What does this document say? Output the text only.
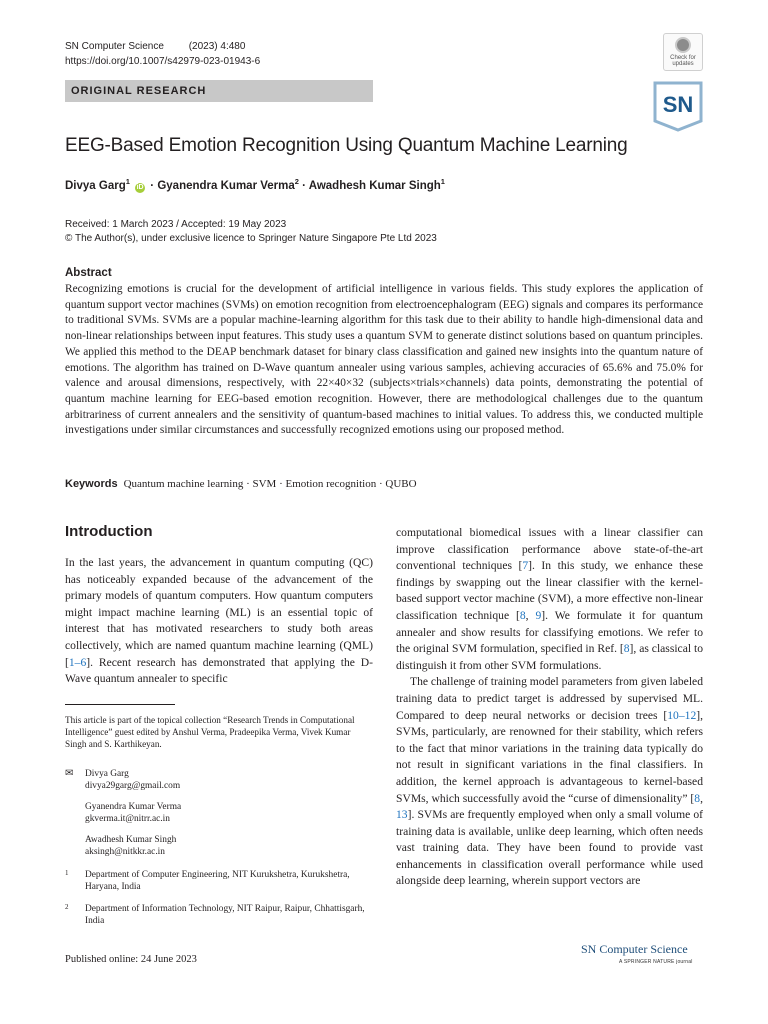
SN Computer Science (2023) 4:480
https://doi.org/10.1007/s42979-023-01943-6
ORIGINAL RESEARCH
Check for
updates
SN
EEG-Based Emotion Recognition Using Quantum Machine Learning
Divya Garg$^1$ iD · Gyanendra Kumar Verma$^2$ · Awadhesh Kumar Singh$^1$
Received: 1 March 2023 / Accepted: 19 May 2023
© The Author(s), under exclusive licence to Springer Nature Singapore Pte Ltd 2023
Abstract
Recognizing emotions is crucial for the development of artificial intelligence in various fields. This study explores the application of quantum support vector machines (SVMs) on emotion recognition from electroencephalogram (EEG) signals and compares its performance to traditional SVMs. SVMs are a popular machine-learning algorithm for this task due to their ability to handle high-dimensional data and non-linear relationships between input features. This study uses a quantum SVM to generate distinct solutions based on quantum principles. We applied this method to the DEAP benchmark dataset for binary class classification and gained new insights into the quantum nature of emotions. The algorithm has trained on D-Wave quantum annealer using various samples, achieving accuracies of 65.6% and 75.0% for valence and arousal dimensions, respectively, with 22×40×32 (subjects×trials×channels) data points, demonstrating the potential of quantum machine learning for EEG-based emotion recognition. However, there are methodological challenges due to the quantum arbitrariness of current annealers and the sensitivity of quantum-based machines to initial values. To address this, we conducted multiple investigations under similar circumstances and successfully recognized emotions using our proposed method.
Keywords Quantum machine learning · SVM · Emotion recognition · QUBO
Introduction

In the last years, the advancement in quantum computing (QC) has noticeably expanded because of the advancement of the primary models of quantum computers. How quantum computers might impact machine learning (ML) is an essential topic of interest that has motivated researchers to study both areas collectively, which are named quantum machine learning (QML) [1–6]. Recent research has demonstrated that applying the D-Wave quantum annealer to specific

This article is part of the topical collection “Research Trends in Computational Intelligence” guest edited by Anshul Verma, Pradeepika Verma, Vivek Kumar Singh and S. Karthikeyan.
✉ Divya Garg
divya29garg@gmail.com
Gyanendra Kumar Verma
gkverma.it@nitrr.ac.in
Awadhesh Kumar Singh
aksingh@nitkkr.ac.in
1 Department of Computer Engineering, NIT Kurukshetra, Kurukshetra, Haryana, India
2 Department of Information Technology, NIT Raipur, Raipur, Chhattisgarh, India

computational biomedical issues with a linear classifier can improve classification performance above state-of-the-art conventional techniques [7]. In this study, we enhance these findings by swapping out the linear classifier with the kernel-based support vector machine (SVM), a more effective non-linear classification technique [8, 9]. We formulate it for quantum annealer and show results for classifying emotions. We refer to the original SVM formulation, specified in Ref. [8], as classical to distinguish it from other SVM formulations.

The challenge of training model parameters from given labeled training data to predict target is addressed by supervised ML. Compared to deep neural networks or decision trees [10–12], SVMs, particularly, are renowned for their stability, which refers to the fact that minor variations in the training data typically do not result in significant variations in the final classifiers. In addition, the kernel approach is advantageous to kernel-based SVMs, which successfully avoid the “curse of dimensionality” [8, 13]. SVMs are frequently employed when only a small volume of training data is available, unlike deep learning, which often needs vast training data. They have been found to provide vast enhancements in classification overall performance while used alongside deep learning, wherein support vectors are

Published online: 24 June 2023
SN Computer Science
A SPRINGER NATURE journal
